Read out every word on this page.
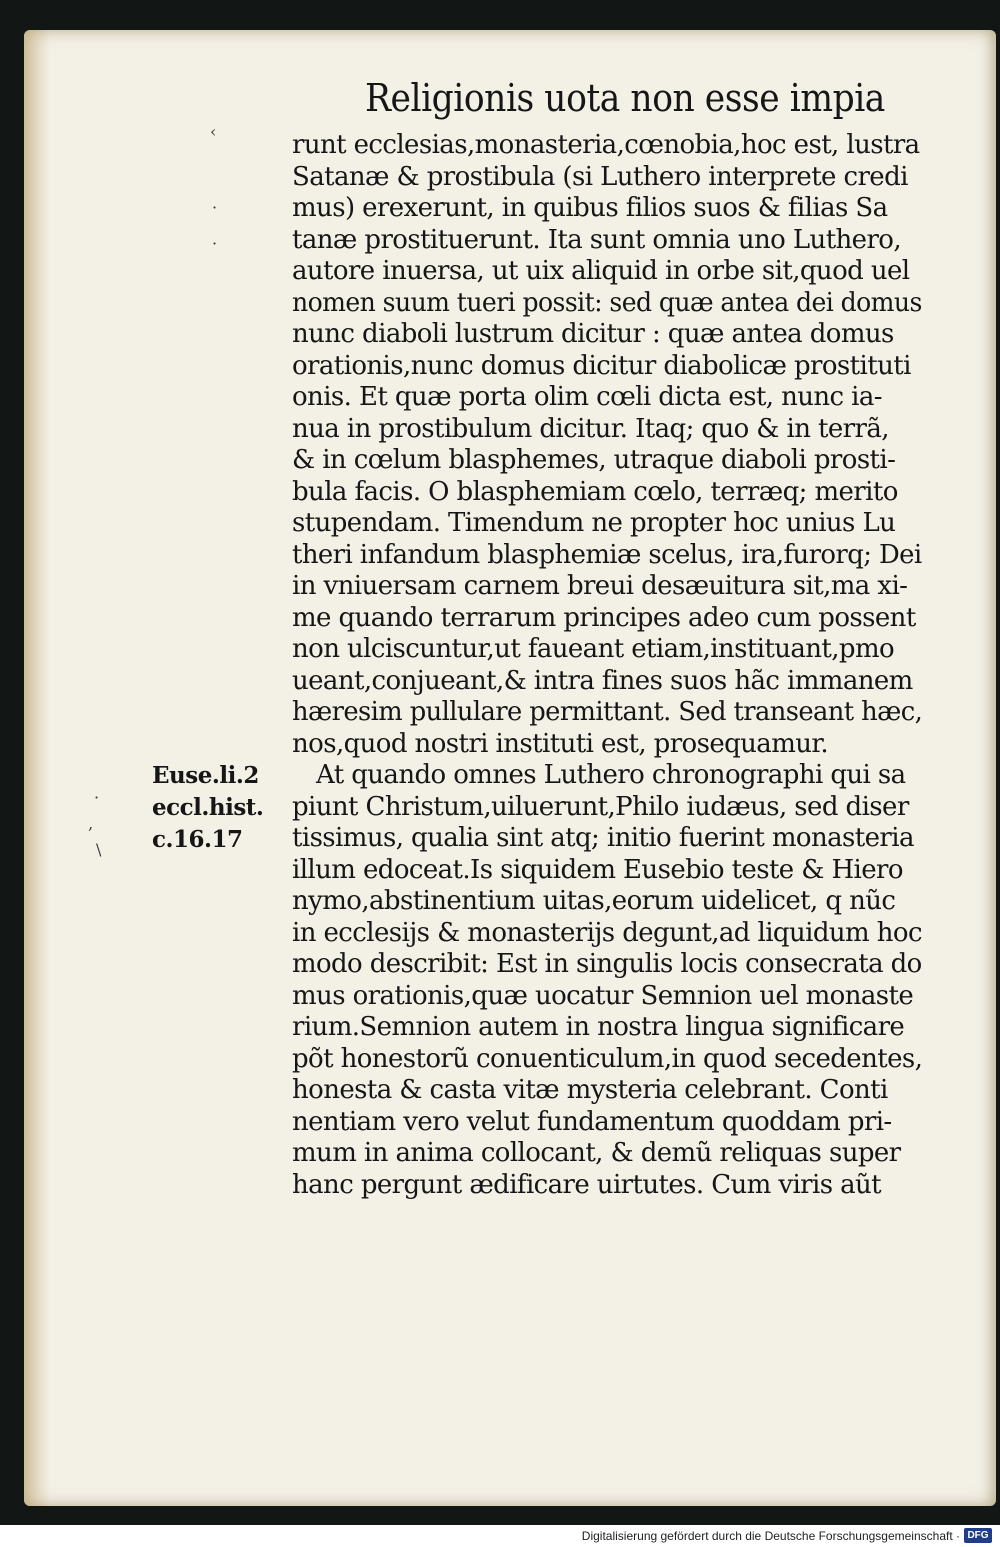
Religionis uota non esse impia
‹
·
·
·
‚
\
Euse.li.2
eccl.hist.
c.16.17
runt ecclesias,monasteria,cœnobia,hoc est, lustra
Satanæ & prostibula (si Luthero interprete credi
mus) erexerunt, in quibus filios suos & filias Sa
tanæ prostituerunt. Ita sunt omnia uno Luthero,
autore inuersa, ut uix aliquid in orbe sit,quod uel
nomen suum tueri possit: sed quæ antea dei domus
nunc diaboli lustrum dicitur : quæ antea domus
orationis,nunc domus dicitur diabolicæ prostituti
onis. Et quæ porta olim cœli dicta est, nunc ia-
nua in prostibulum dicitur. Itaq; quo & in terrã,
& in cœlum blasphemes, utraque diaboli prosti-
bula facis. O blasphemiam cœlo, terræq; merito
stupendam. Timendum ne propter hoc unius Lu
theri infandum blasphemiæ scelus, ira,furorq; Dei
in vniuersam carnem breui desæuitura sit,ma xi-
me quando terrarum principes adeo cum possent
non ulciscuntur,ut faueant etiam,instituant,pmo
ueant,conjueant,& intra fines suos hãc immanem
hæresim pullulare permittant. Sed transeant hæc,
nos,quod nostri instituti est, prosequamur.
At quando omnes Luthero chronographi qui sa
piunt Christum,uiluerunt,Philo iudæus, sed diser
tissimus, qualia sint atq; initio fuerint monasteria
illum edoceat.Is siquidem Eusebio teste & Hiero
nymo,abstinentium uitas,eorum uidelicet, q nũc
in ecclesijs & monasterijs degunt,ad liquidum hoc
modo describit: Est in singulis locis consecrata do
mus orationis,quæ uocatur Semnion uel monaste
rium.Semnion autem in nostra lingua significare
põt honestorũ conuenticulum,in quod secedentes,
honesta & casta vitæ mysteria celebrant. Conti
nentiam vero velut fundamentum quoddam pri-
mum in anima collocant, & demũ reliquas super
hanc pergunt ædificare uirtutes. Cum viris aũt
Digitalisierung gefördert durch die Deutsche Forschungsgemeinschaft · DFG
